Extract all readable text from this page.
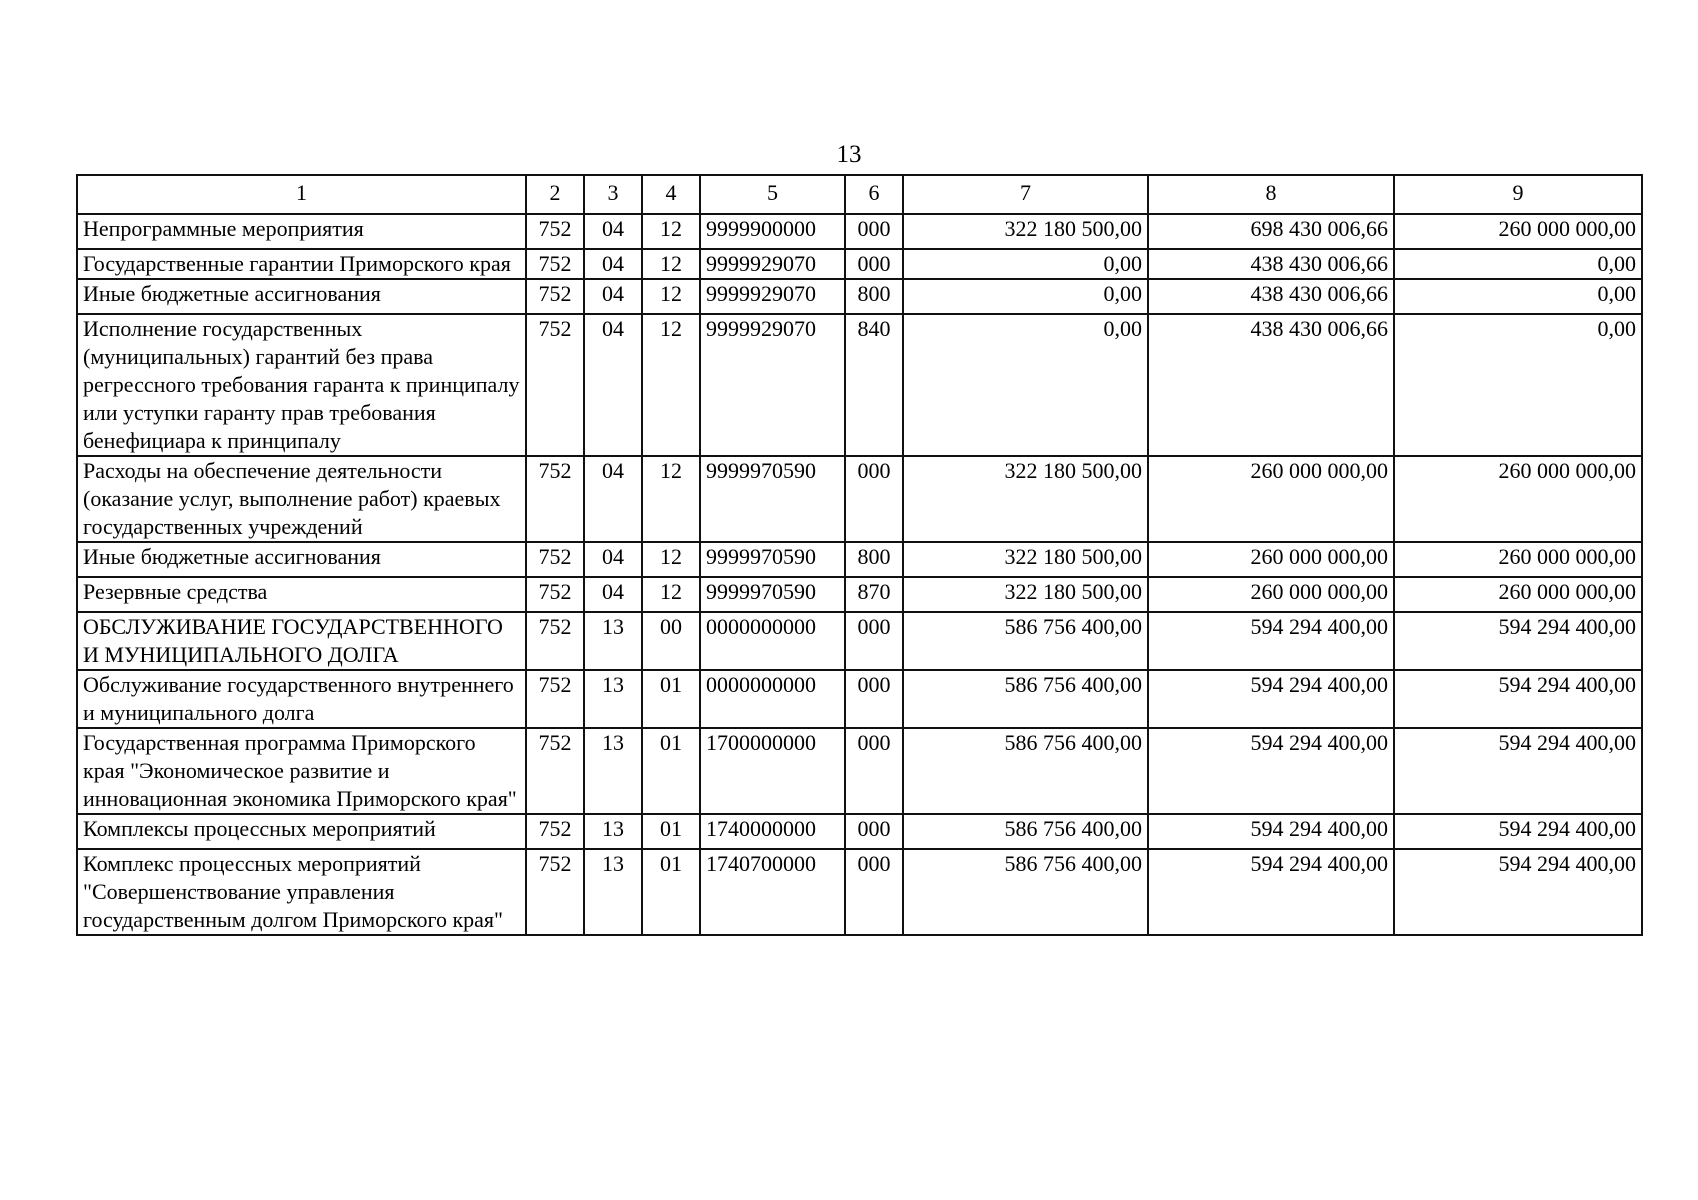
13
1	2	3	4	5	6	7	8	9
Непрограммные мероприятия	752	04	12	9999900000	000	322 180 500,00	698 430 006,66	260 000 000,00
Государственные гарантии Приморского края	752	04	12	9999929070	000	0,00	438 430 006,66	0,00
Иные бюджетные ассигнования	752	04	12	9999929070	800	0,00	438 430 006,66	0,00
Исполнение государственных (муниципальных) гарантий без права регрессного требования гаранта к принципалу или уступки гаранту прав требования бенефициара к принципалу	752	04	12	9999929070	840	0,00	438 430 006,66	0,00
Расходы на обеспечение деятельности (оказание услуг, выполнение работ) краевых государственных учреждений	752	04	12	9999970590	000	322 180 500,00	260 000 000,00	260 000 000,00
Иные бюджетные ассигнования	752	04	12	9999970590	800	322 180 500,00	260 000 000,00	260 000 000,00
Резервные средства	752	04	12	9999970590	870	322 180 500,00	260 000 000,00	260 000 000,00
ОБСЛУЖИВАНИЕ ГОСУДАРСТВЕННОГО И МУНИЦИПАЛЬНОГО ДОЛГА	752	13	00	0000000000	000	586 756 400,00	594 294 400,00	594 294 400,00
Обслуживание государственного внутреннего и муниципального долга	752	13	01	0000000000	000	586 756 400,00	594 294 400,00	594 294 400,00
Государственная программа Приморского края "Экономическое развитие и инновационная экономика Приморского края"	752	13	01	1700000000	000	586 756 400,00	594 294 400,00	594 294 400,00
Комплексы процессных мероприятий	752	13	01	1740000000	000	586 756 400,00	594 294 400,00	594 294 400,00
Комплекс процессных мероприятий "Совершенствование управления государственным долгом Приморского края"	752	13	01	1740700000	000	586 756 400,00	594 294 400,00	594 294 400,00
